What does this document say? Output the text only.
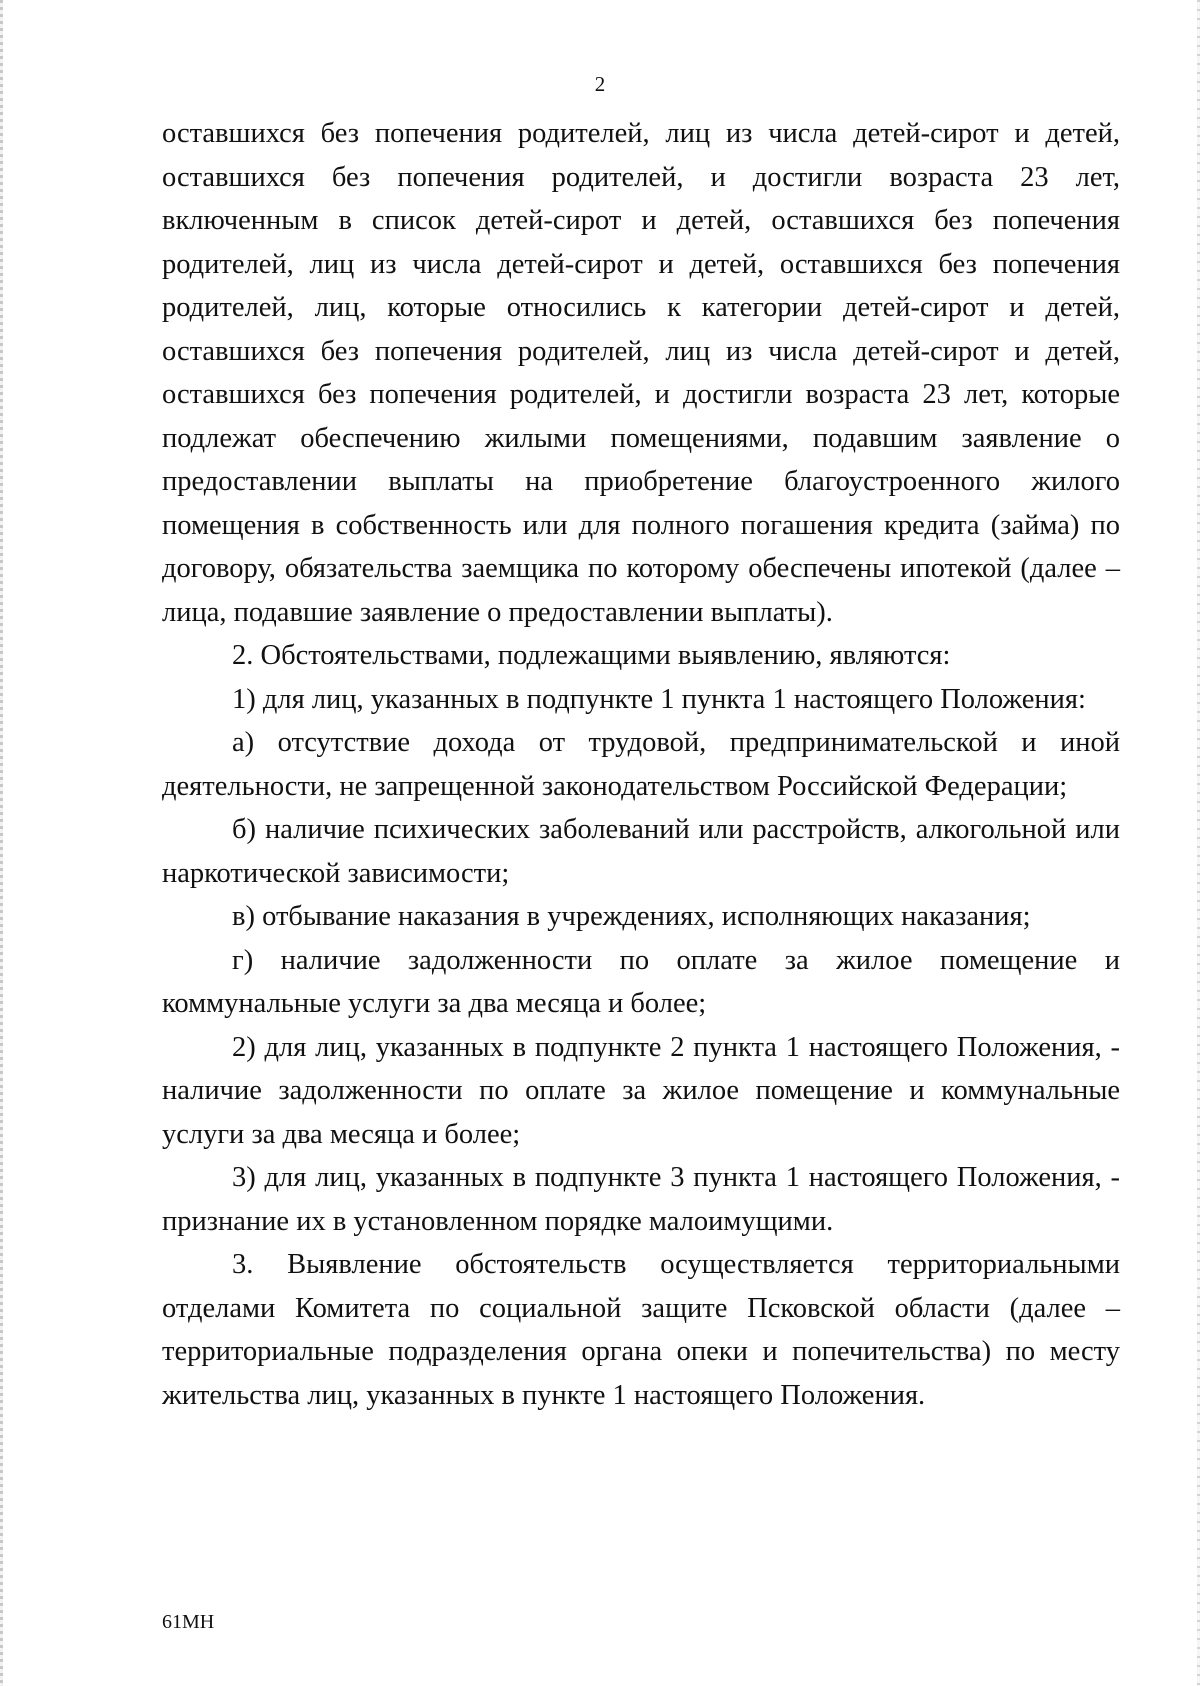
2

оставшихся без попечения родителей, лиц из числа детей-сирот и детей, оставшихся без попечения родителей, и достигли возраста 23 лет, включенным в список детей-сирот и детей, оставшихся без попечения родителей, лиц из числа детей-сирот и детей, оставшихся без попечения родителей, лиц, которые относились к категории детей-сирот и детей, оставшихся без попечения родителей, лиц из числа детей-сирот и детей, оставшихся без попечения родителей, и достигли возраста 23 лет, которые подлежат обеспечению жилыми помещениями, подавшим заявление о предоставлении выплаты на приобретение благоустроенного жилого помещения в собственность или для полного погашения кредита (займа) по договору, обязательства заемщика по которому обеспечены ипотекой (далее – лица, подавшие заявление о предоставлении выплаты).

2. Обстоятельствами, подлежащими выявлению, являются:

1) для лиц, указанных в подпункте 1 пункта 1 настоящего Положения:

а) отсутствие дохода от трудовой, предпринимательской и иной деятельности, не запрещенной законодательством Российской Федерации;

б) наличие психических заболеваний или расстройств, алкогольной или наркотической зависимости;

в) отбывание наказания в учреждениях, исполняющих наказания;

г) наличие задолженности по оплате за жилое помещение и коммунальные услуги за два месяца и более;

2) для лиц, указанных в подпункте 2 пункта 1 настоящего Положения, - наличие задолженности по оплате за жилое помещение и коммунальные услуги за два месяца и более;

3) для лиц, указанных в подпункте 3 пункта 1 настоящего Положения, - признание их в установленном порядке малоимущими.

3. Выявление обстоятельств осуществляется территориальными отделами Комитета по социальной защите Псковской области (далее – территориальные подразделения органа опеки и попечительства) по месту жительства лиц, указанных в пункте 1 настоящего Положения.

61МН
